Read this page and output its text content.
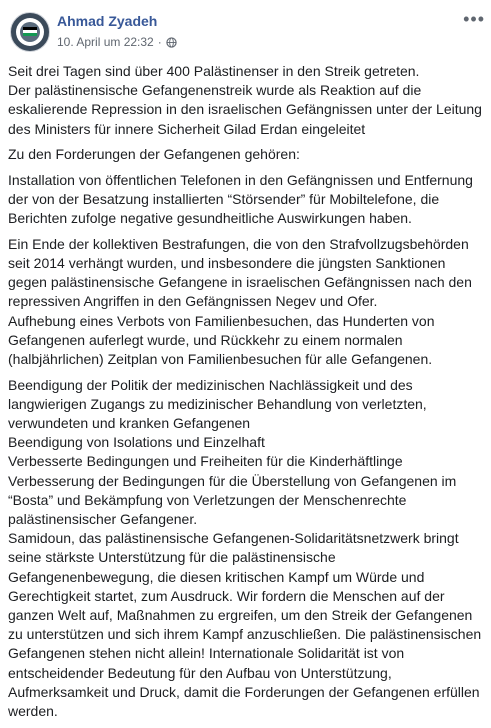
Ahmad Zyadeh
10. April um 22:32 ·
•••

Seit drei Tagen sind über 400 Palästinenser in den Streik getreten.
Der palästinensische Gefangenenstreik wurde als Reaktion auf die eskalierende Repression in den israelischen Gefängnissen unter der Leitung des Ministers für innere Sicherheit Gilad Erdan eingeleitet

Zu den Forderungen der Gefangenen gehören:

Installation von öffentlichen Telefonen in den Gefängnissen und Entfernung der von der Besatzung installierten “Störsender” für Mobiltelefone, die Berichten zufolge negative gesundheitliche Auswirkungen haben.

Ein Ende der kollektiven Bestrafungen, die von den Strafvollzugsbehörden seit 2014 verhängt wurden, und insbesondere die jüngsten Sanktionen gegen palästinensische Gefangene in israelischen Gefängnissen nach den repressiven Angriffen in den Gefängnissen Negev und Ofer.
Aufhebung eines Verbots von Familienbesuchen, das Hunderten von Gefangenen auferlegt wurde, und Rückkehr zu einem normalen (halbjährlichen) Zeitplan von Familienbesuchen für alle Gefangenen.

Beendigung der Politik der medizinischen Nachlässigkeit und des langwierigen Zugangs zu medizinischer Behandlung von verletzten, verwundeten und kranken Gefangenen
Beendigung von Isolations und Einzelhaft
Verbesserte Bedingungen und Freiheiten für die Kinderhäftlinge
Verbesserung der Bedingungen für die Überstellung von Gefangenen im “Bosta” und Bekämpfung von Verletzungen der Menschenrechte palästinensischer Gefangener.
Samidoun, das palästinensische Gefangenen-Solidaritätsnetzwerk bringt seine stärkste Unterstützung für die palästinensische Gefangenenbewegung, die diesen kritischen Kampf um Würde und Gerechtigkeit startet, zum Ausdruck. Wir fordern die Menschen auf der ganzen Welt auf, Maßnahmen zu ergreifen, um den Streik der Gefangenen zu unterstützen und sich ihrem Kampf anzuschließen. Die palästinensischen Gefangenen stehen nicht allein! Internationale Solidarität ist von entscheidender Bedeutung für den Aufbau von Unterstützung, Aufmerksamkeit und Druck, damit die Forderungen der Gefangenen erfüllen werden.
